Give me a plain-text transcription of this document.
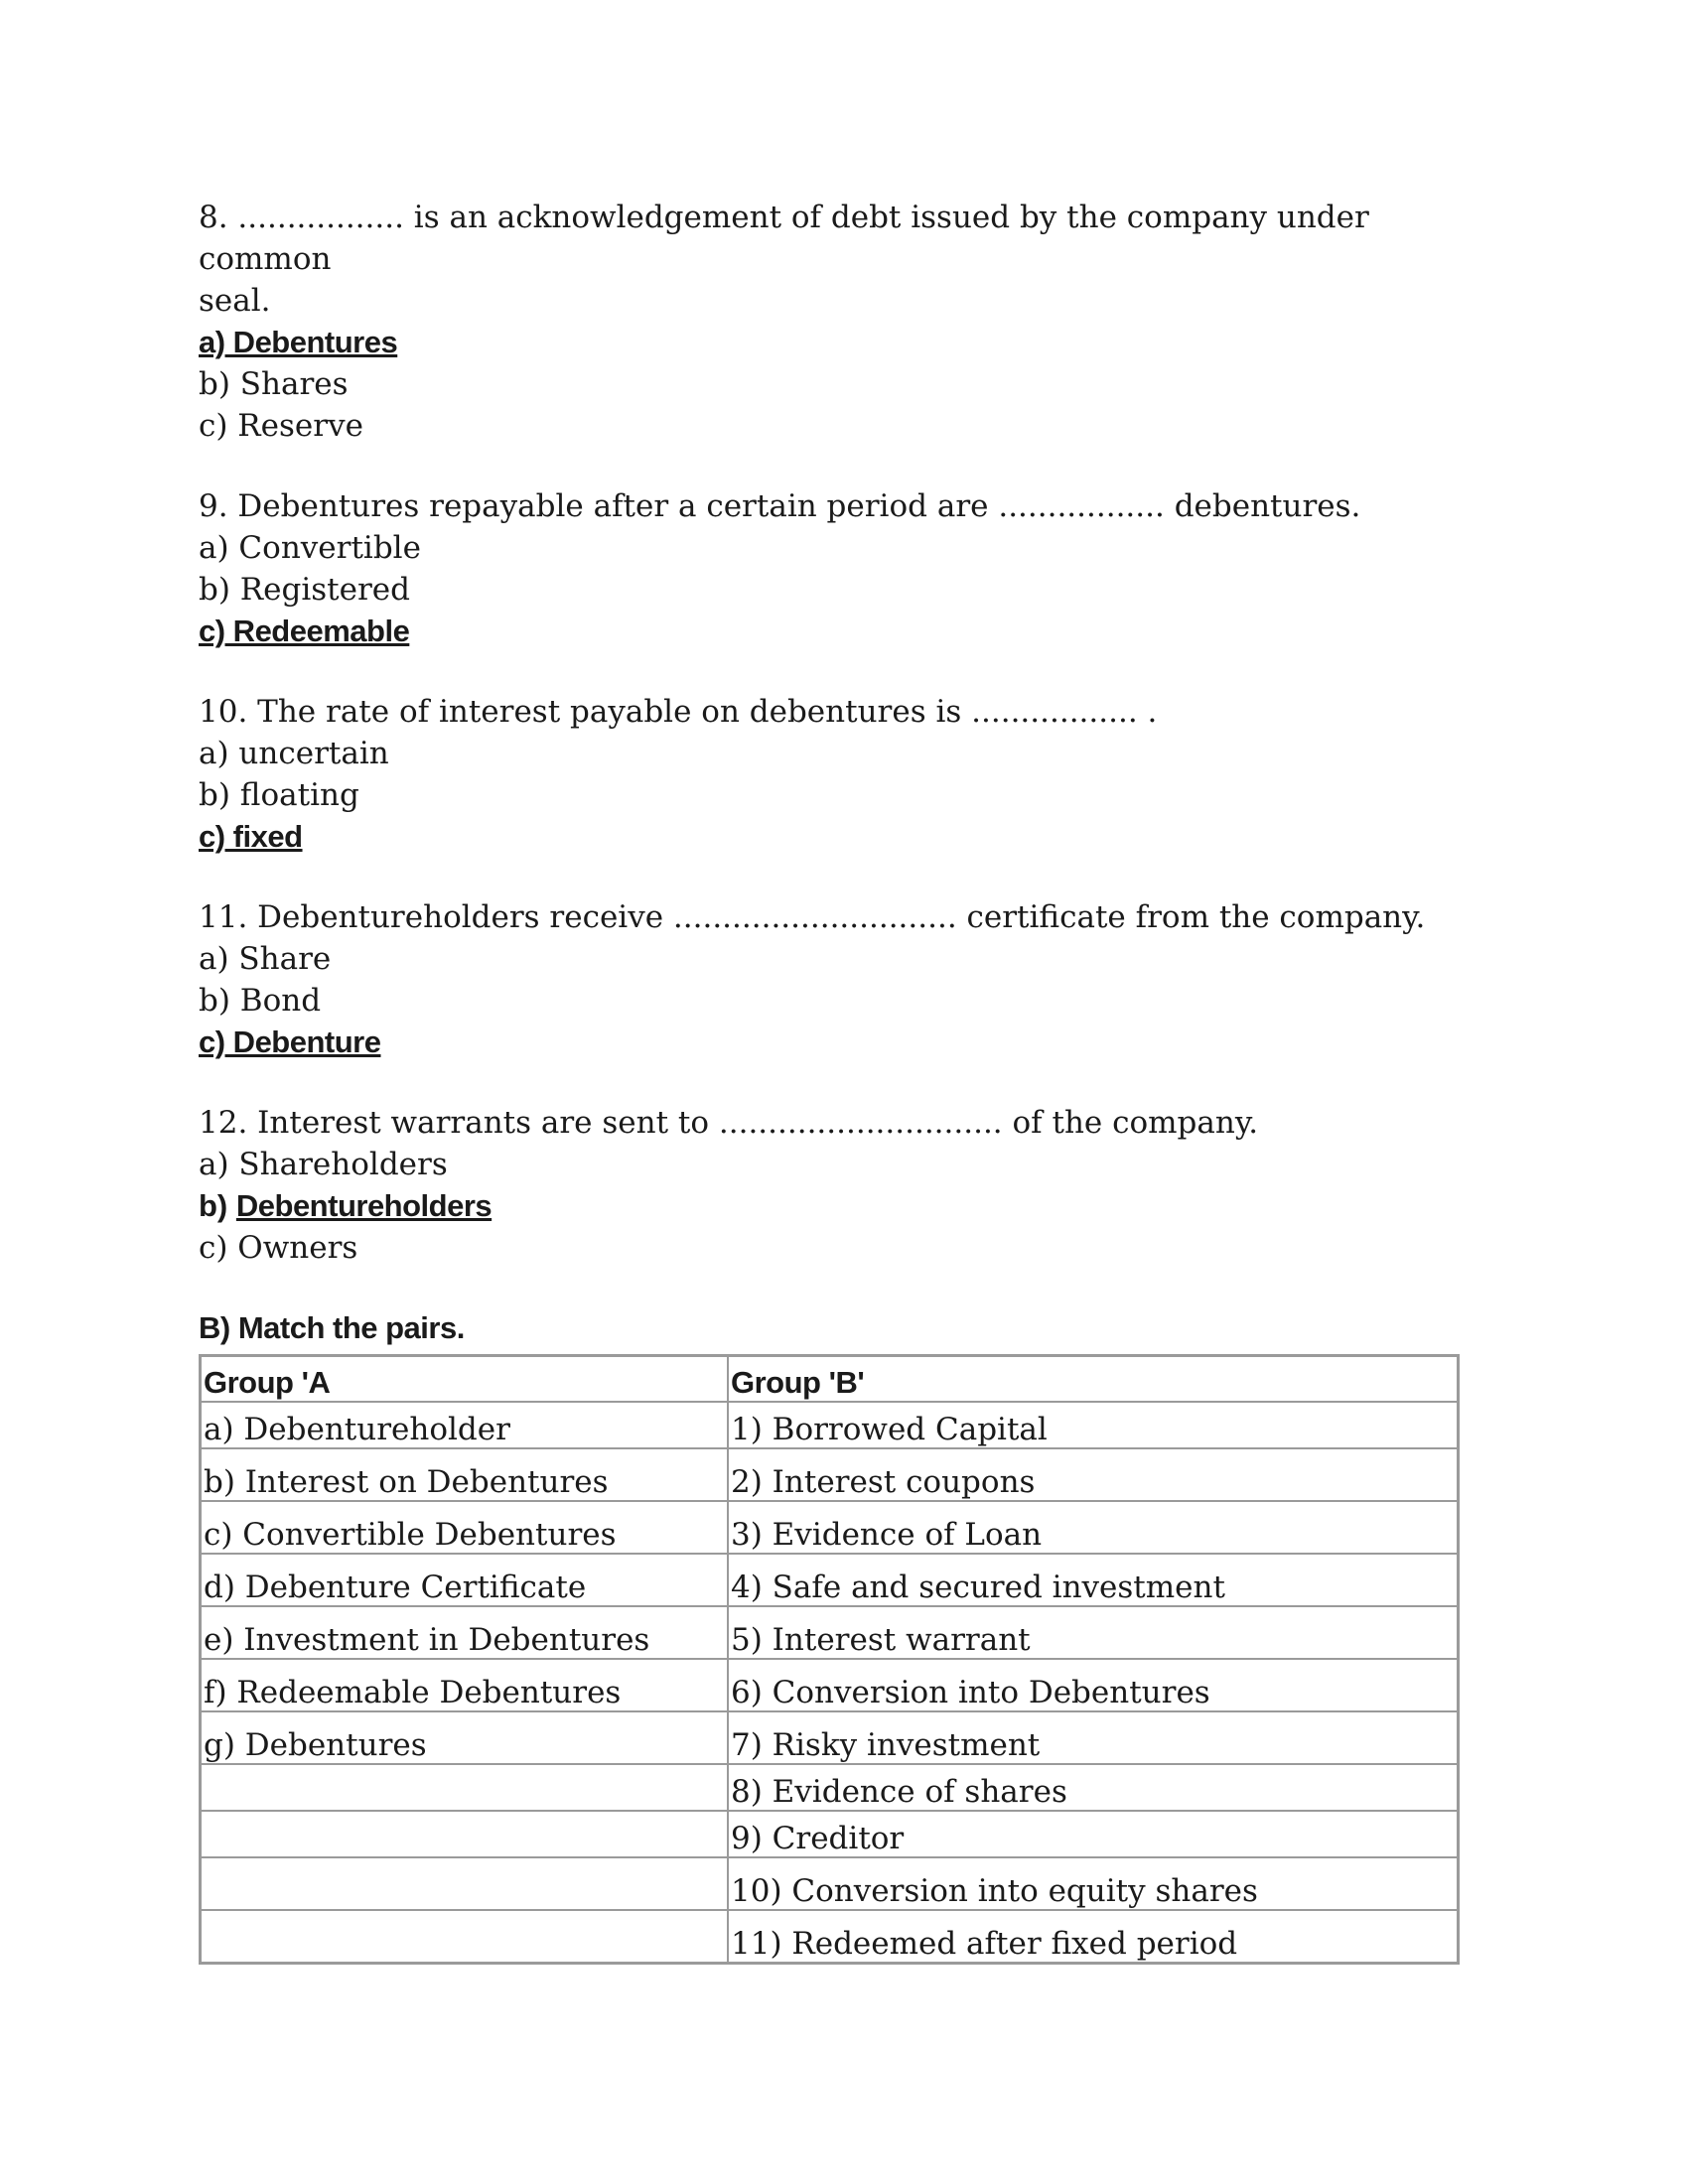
8. ................. is an acknowledgement of debt issued by the company under common
seal.
a) Debentures
b) Shares
c) Reserve
9. Debentures repayable after a certain period are ................. debentures.
a) Convertible
b) Registered
c) Redeemable
10. The rate of interest payable on debentures is ................. .
a) uncertain
b) floating
c) fixed
11. Debentureholders receive ............................. certificate from the company.
a) Share
b) Bond
c) Debenture
12. Interest warrants are sent to ............................. of the company.
a) Shareholders
b) Debentureholders
c) Owners
B) Match the pairs.
Group 'A	Group 'B'
a) Debentureholder	1) Borrowed Capital
b) Interest on Debentures	2) Interest coupons
c) Convertible Debentures	3) Evidence of Loan
d) Debenture Certificate	4) Safe and secured investment
e) Investment in Debentures	5) Interest warrant
f) Redeemable Debentures	6) Conversion into Debentures
g) Debentures	7) Risky investment
	8) Evidence of shares
	9) Creditor
	10) Conversion into equity shares
	11) Redeemed after fixed period
